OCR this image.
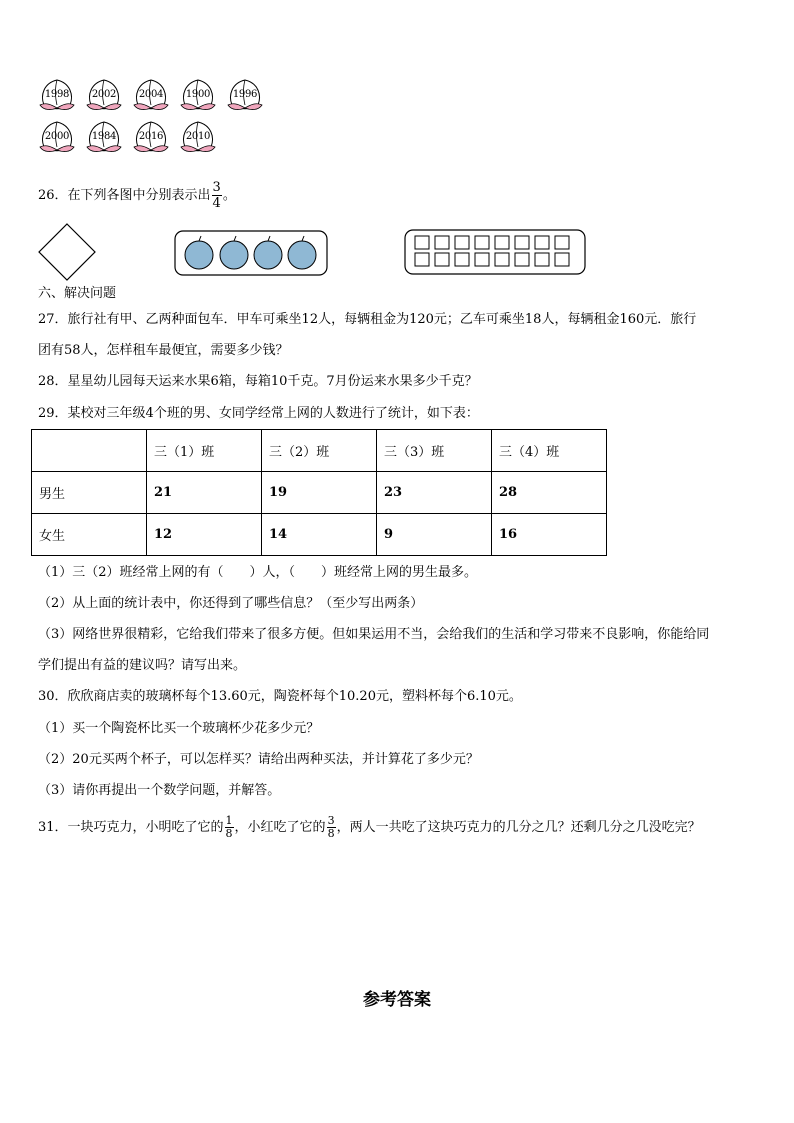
1998	2002	2004	1900	1996
2000	1984	2016	2010
26．在下列各图中分别表示出 $\frac{3}{4}$ 。
六、解决问题
27．旅行社有甲、乙两种面包车．甲车可乘坐12人，每辆租金为120元；乙车可乘坐18人，每辆租金160元．旅行
团有58人，怎样租车最便宜，需要多少钱？
28．星星幼儿园每天运来水果6箱，每箱10千克。7月份运来水果多少千克？
29．某校对三年级4个班的男、女同学经常上网的人数进行了统计，如下表：
	三（1）班	三（2）班	三（3）班	三（4）班
男生	21	19	23	28
女生	12	14	9	16
（1）三（2）班经常上网的有（　　）人，（　　）班经常上网的男生最多。
（2）从上面的统计表中，你还得到了哪些信息？（至少写出两条）
（3）网络世界很精彩，它给我们带来了很多方便。但如果运用不当，会给我们的生活和学习带来不良影响，你能给同
学们提出有益的建议吗？请写出来。
30．欣欣商店卖的玻璃杯每个13.60元，陶瓷杯每个10.20元，塑料杯每个6.10元。
（1）买一个陶瓷杯比买一个玻璃杯少花多少元？
（2）20元买两个杯子，可以怎样买？请给出两种买法，并计算花了多少元？
（3）请你再提出一个数学问题，并解答。
31．一块巧克力，小明吃了它的 $\frac{1}{8}$ ，小红吃了它的 $\frac{3}{8}$ ，两人一共吃了这块巧克力的几分之几？还剩几分之几没吃完？
参考答案
